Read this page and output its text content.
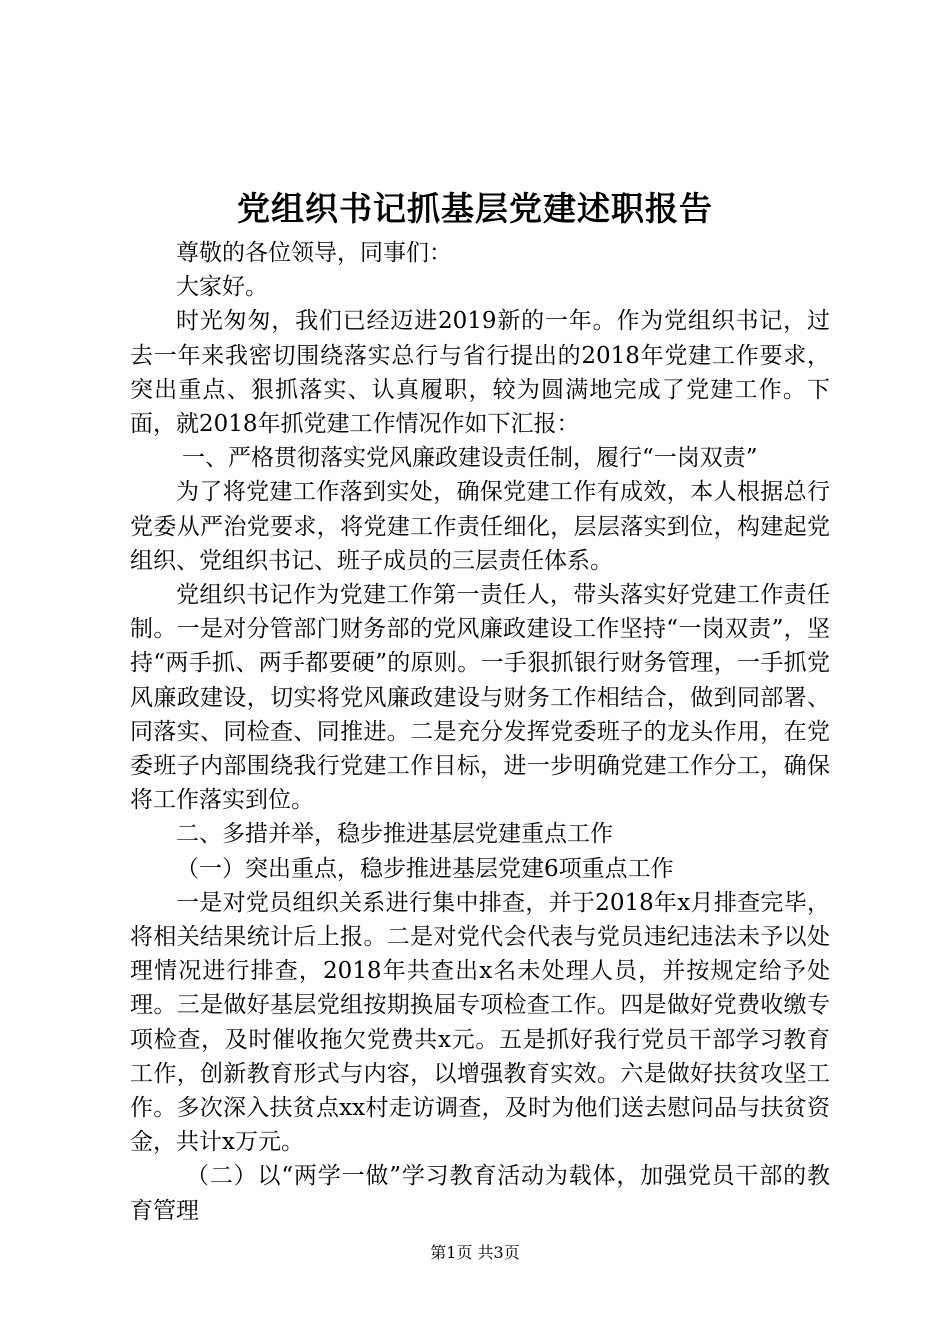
党组织书记抓基层党建述职报告

尊敬的各位领导，同事们：

大家好。

时光匆匆，我们已经迈进2019新的一年。作为党组织书记，过去一年来我密切围绕落实总行与省行提出的2018年党建工作要求，突出重点、狠抓落实、认真履职，较为圆满地完成了党建工作。下面，就2018年抓党建工作情况作如下汇报：

一、严格贯彻落实党风廉政建设责任制，履行“一岗双责”

为了将党建工作落到实处，确保党建工作有成效，本人根据总行党委从严治党要求，将党建工作责任细化，层层落实到位，构建起党组织、党组织书记、班子成员的三层责任体系。

党组织书记作为党建工作第一责任人，带头落实好党建工作责任制。一是对分管部门财务部的党风廉政建设工作坚持“一岗双责”，坚持“两手抓、两手都要硬”的原则。一手狠抓银行财务管理，一手抓党风廉政建设，切实将党风廉政建设与财务工作相结合，做到同部署、同落实、同检查、同推进。二是充分发挥党委班子的龙头作用，在党委班子内部围绕我行党建工作目标，进一步明确党建工作分工，确保将工作落实到位。

二、多措并举，稳步推进基层党建重点工作

（一）突出重点，稳步推进基层党建6项重点工作

一是对党员组织关系进行集中排查，并于2018年x月排查完毕，将相关结果统计后上报。二是对党代会代表与党员违纪违法未予以处理情况进行排查，2018年共查出x名未处理人员，并按规定给予处理。三是做好基层党组按期换届专项检查工作。四是做好党费收缴专项检查，及时催收拖欠党费共x元。五是抓好我行党员干部学习教育工作，创新教育形式与内容，以增强教育实效。六是做好扶贫攻坚工作。多次深入扶贫点xx村走访调查，及时为他们送去慰问品与扶贫资金，共计x万元。

（二）以“两学一做”学习教育活动为载体，加强党员干部的教育管理

第1页 共3页
